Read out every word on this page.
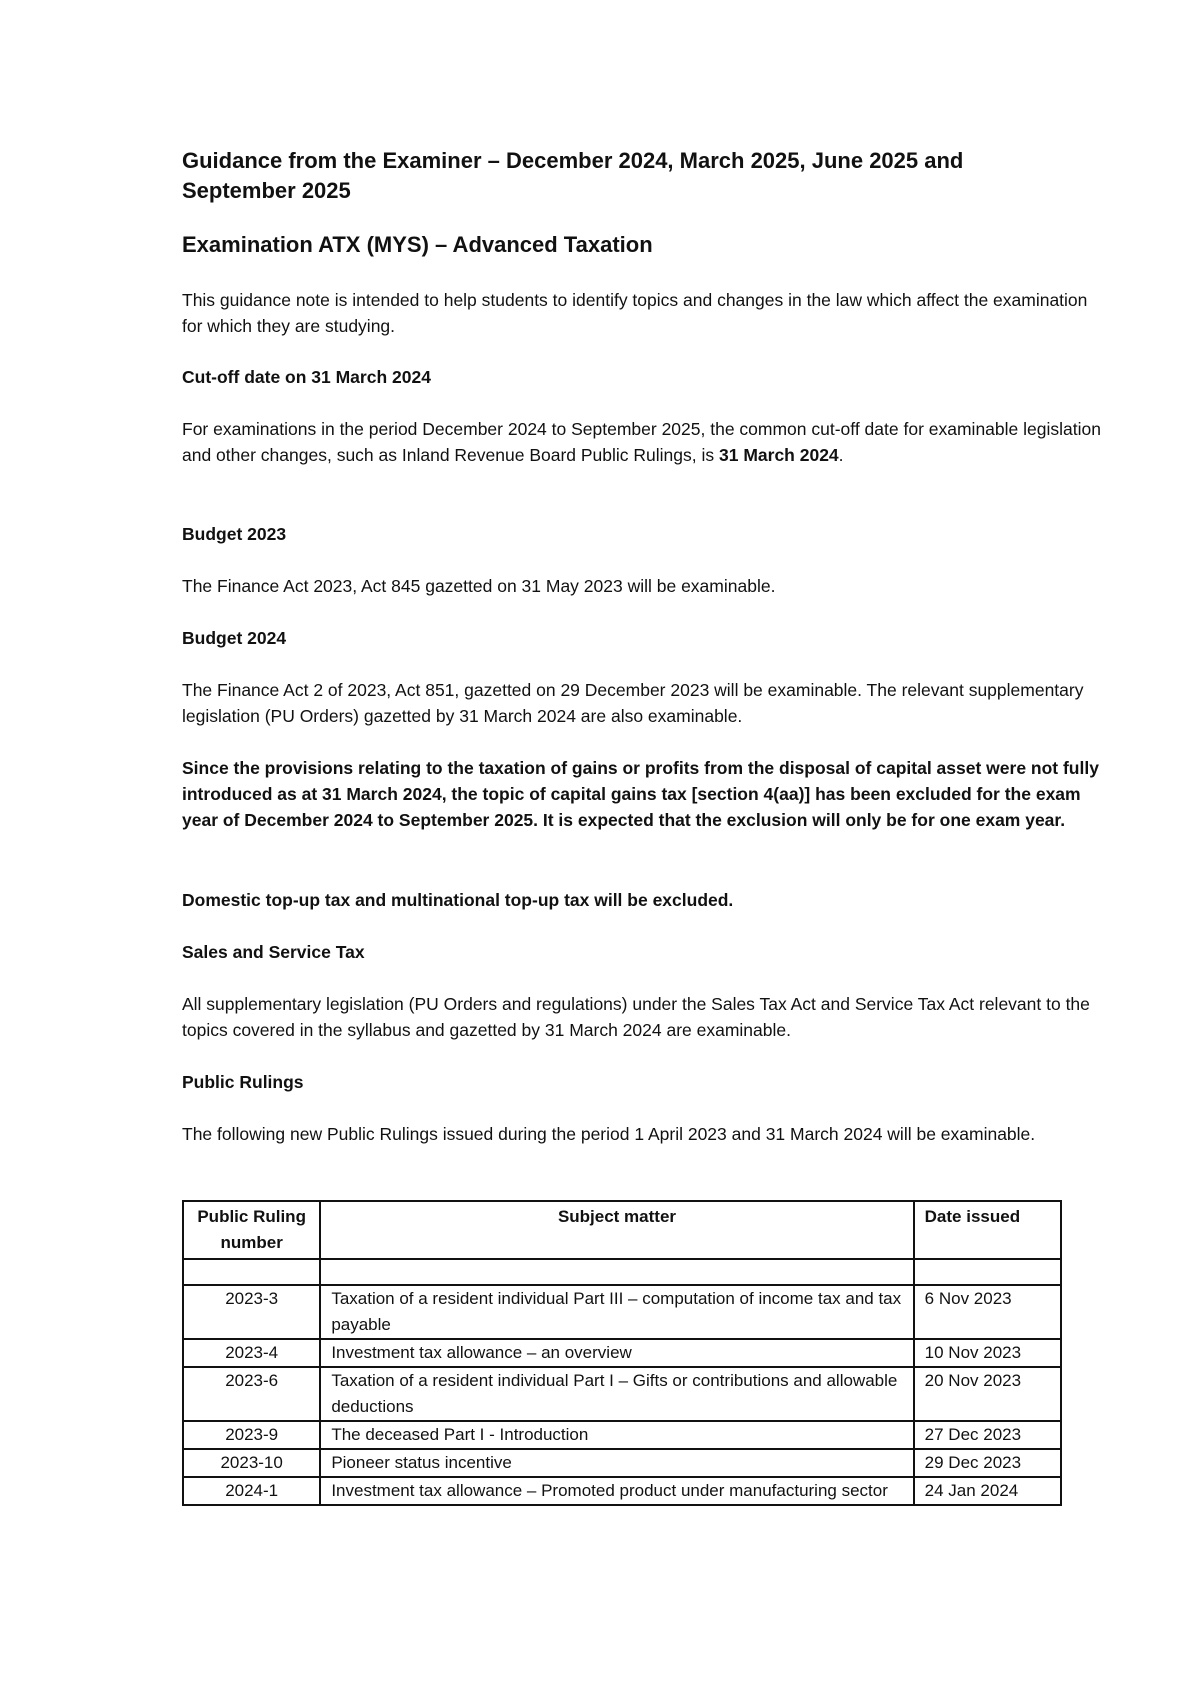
Guidance from the Examiner – December 2024, March 2025, June 2025 and September 2025
Examination ATX (MYS) – Advanced Taxation

This guidance note is intended to help students to identify topics and changes in the law which affect the examination for which they are studying.

Cut-off date on 31 March 2024

For examinations in the period December 2024 to September 2025, the common cut-off date for examinable legislation and other changes, such as Inland Revenue Board Public Rulings, is 31 March 2024.

Budget 2023

The Finance Act 2023, Act 845 gazetted on 31 May 2023 will be examinable.

Budget 2024

The Finance Act 2 of 2023, Act 851, gazetted on 29 December 2023 will be examinable. The relevant supplementary legislation (PU Orders) gazetted by 31 March 2024 are also examinable.

Since the provisions relating to the taxation of gains or profits from the disposal of capital asset were not fully introduced as at 31 March 2024, the topic of capital gains tax [section 4(aa)] has been excluded for the exam year of December 2024 to September 2025. It is expected that the exclusion will only be for one exam year.

Domestic top-up tax and multinational top-up tax will be excluded.

Sales and Service Tax

All supplementary legislation (PU Orders and regulations) under the Sales Tax Act and Service Tax Act relevant to the topics covered in the syllabus and gazetted by 31 March 2024 are examinable.

Public Rulings

The following new Public Rulings issued during the period 1 April 2023 and 31 March 2024 will be examinable.

Public Ruling number	Subject matter	Date issued

2023-3	Taxation of a resident individual Part III – computation of income tax and tax payable	6 Nov 2023
2023-4	Investment tax allowance – an overview	10 Nov 2023
2023-6	Taxation of a resident individual Part I – Gifts or contributions and allowable deductions	20 Nov 2023
2023-9	The deceased Part I - Introduction	27 Dec 2023
2023-10	Pioneer status incentive	29 Dec 2023
2024-1	Investment tax allowance – Promoted product under manufacturing sector	24 Jan 2024
